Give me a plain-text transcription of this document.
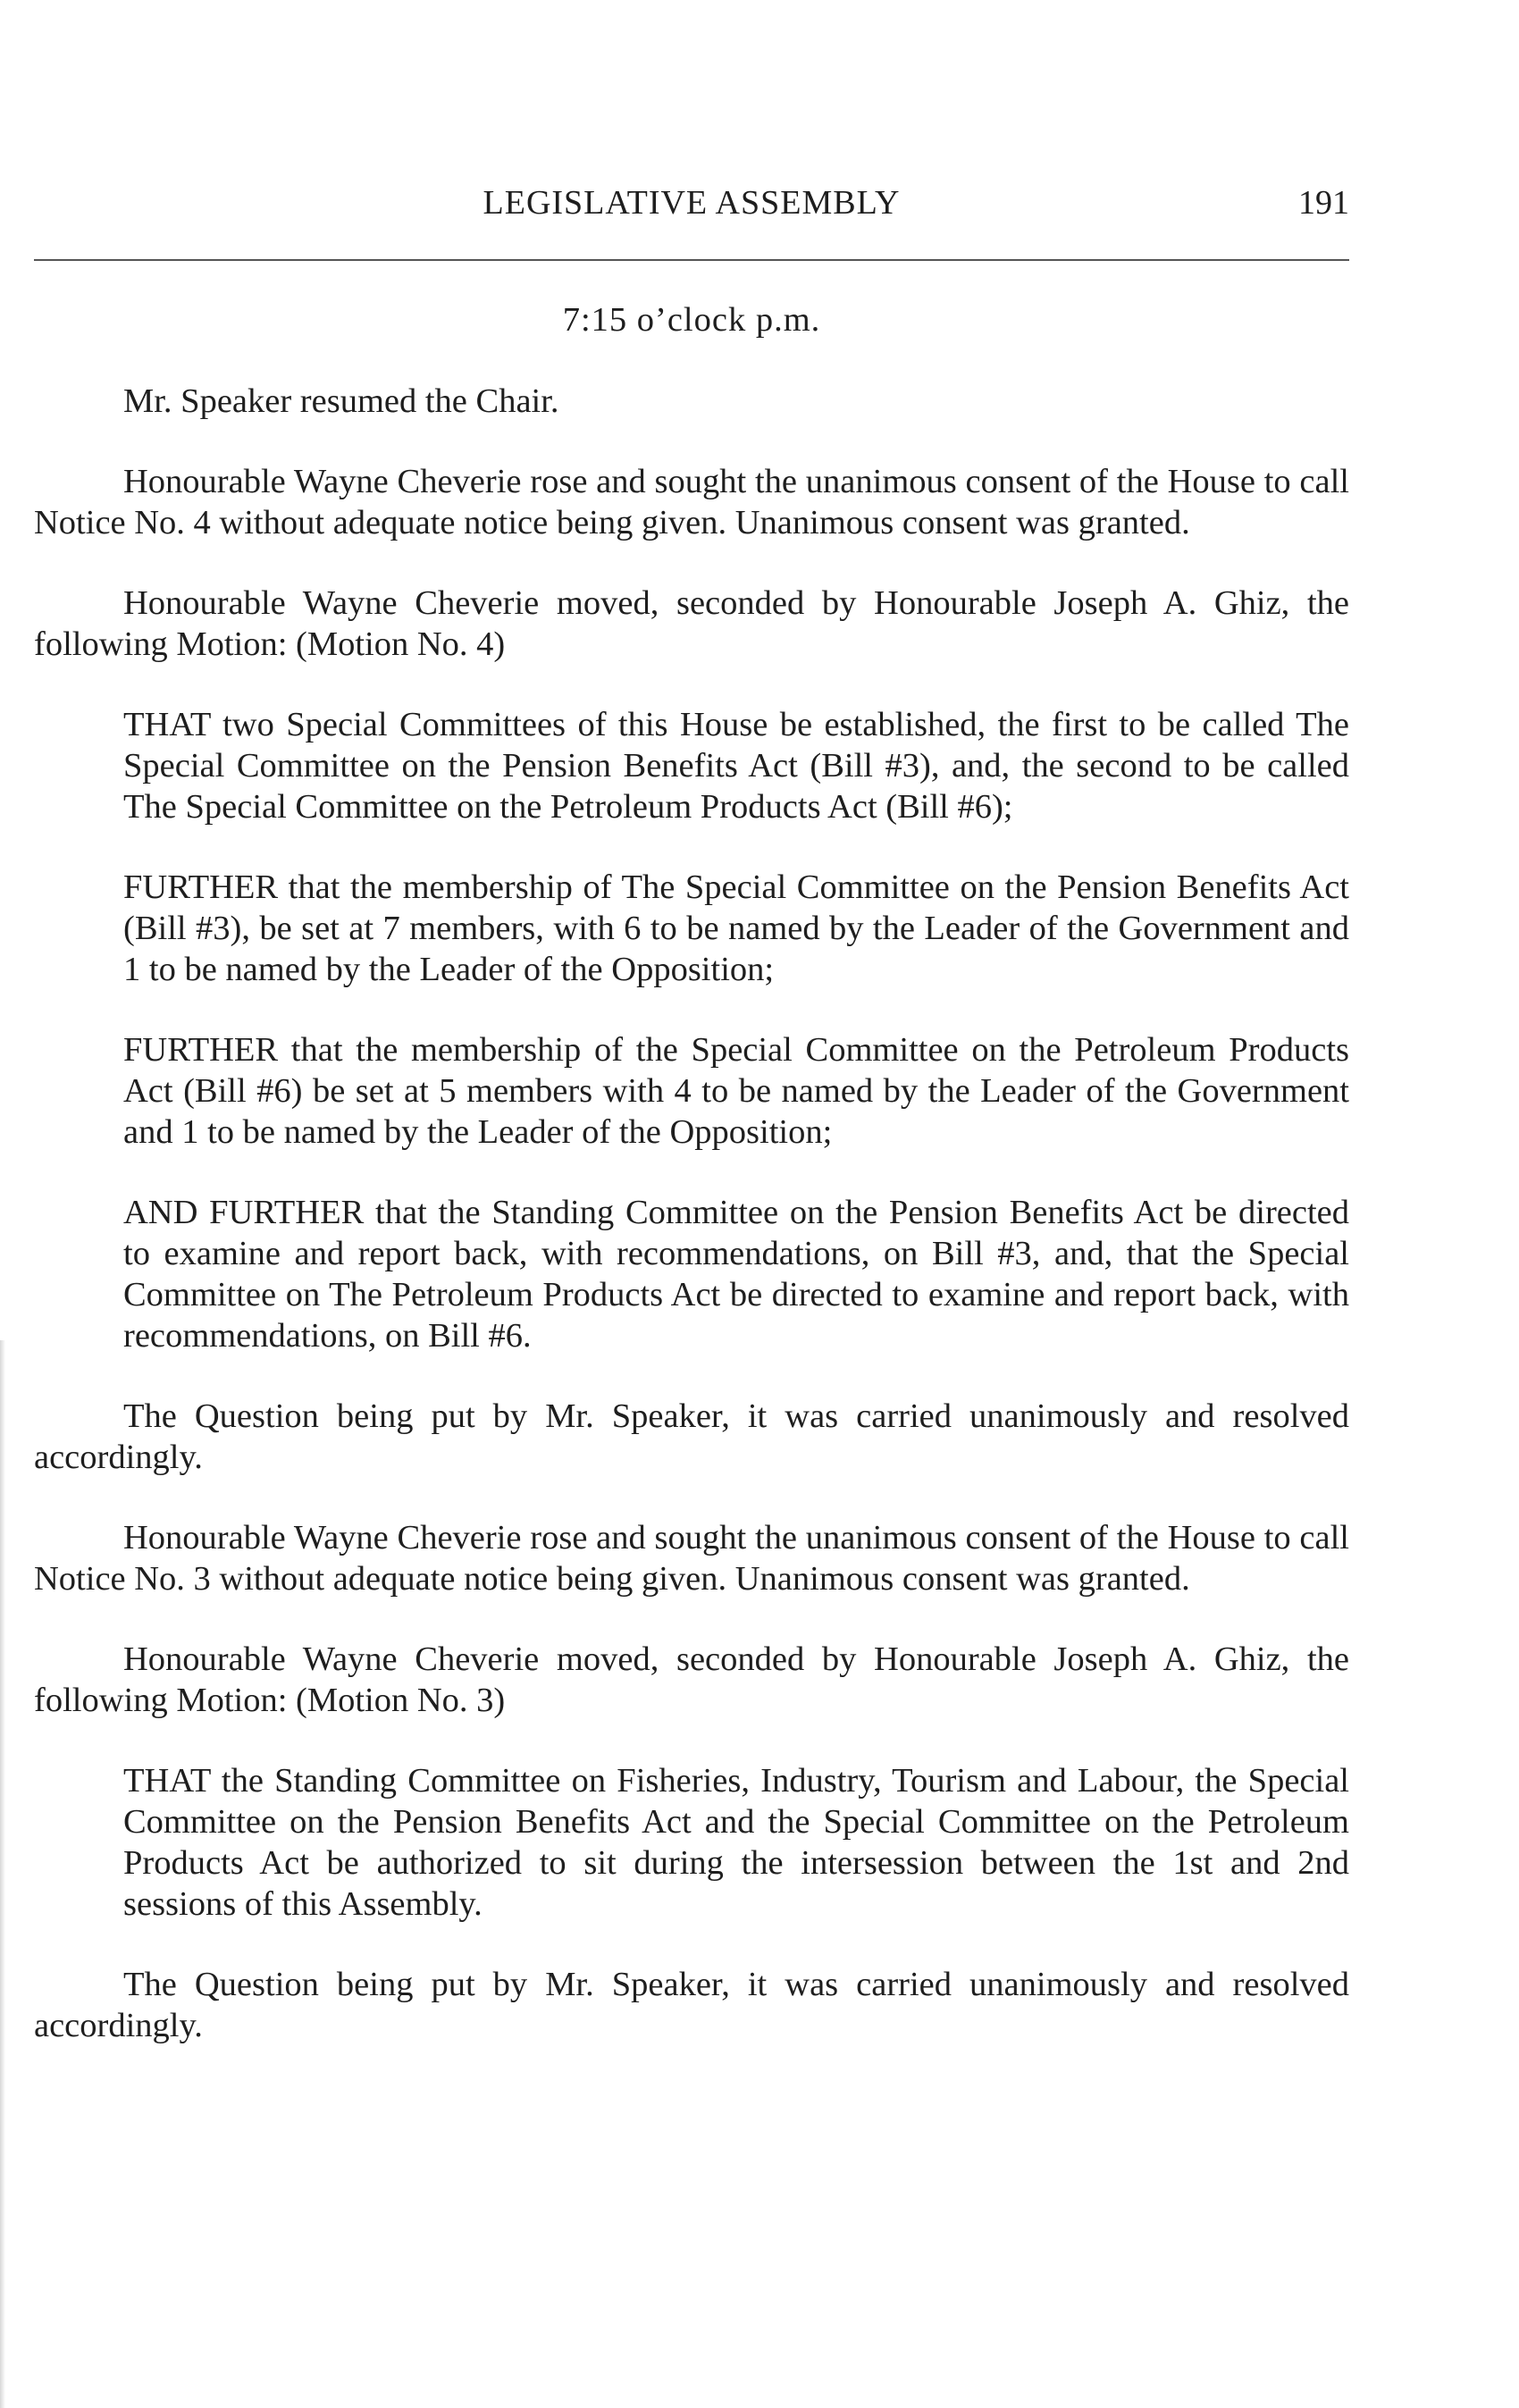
LEGISLATIVE ASSEMBLY	191
7:15 o’clock p.m.

Mr. Speaker resumed the Chair.

Honourable Wayne Cheverie rose and sought the unanimous consent of the House to call Notice No. 4 without adequate notice being given. Unanimous consent was granted.

Honourable Wayne Cheverie moved, seconded by Honourable Joseph A. Ghiz, the following Motion: (Motion No. 4)

THAT two Special Committees of this House be established, the first to be called The Special Committee on the Pension Benefits Act (Bill #3), and, the second to be called The Special Committee on the Petroleum Products Act (Bill #6);

FURTHER that the membership of The Special Committee on the Pension Benefits Act (Bill #3), be set at 7 members, with 6 to be named by the Leader of the Government and 1 to be named by the Leader of the Opposition;

FURTHER that the membership of the Special Committee on the Petroleum Products Act (Bill #6) be set at 5 members with 4 to be named by the Leader of the Government and 1 to be named by the Leader of the Opposition;

AND FURTHER that the Standing Committee on the Pension Benefits Act be directed to examine and report back, with recommendations, on Bill #3, and, that the Special Committee on The Petroleum Products Act be directed to examine and report back, with recommendations, on Bill #6.

The Question being put by Mr. Speaker, it was carried unanimously and resolved accordingly.

Honourable Wayne Cheverie rose and sought the unanimous consent of the House to call Notice No. 3 without adequate notice being given. Unanimous consent was granted.

Honourable Wayne Cheverie moved, seconded by Honourable Joseph A. Ghiz, the following Motion: (Motion No. 3)

THAT the Standing Committee on Fisheries, Industry, Tourism and Labour, the Special Committee on the Pension Benefits Act and the Special Committee on the Petroleum Products Act be authorized to sit during the intersession between the 1st and 2nd sessions of this Assembly.

The Question being put by Mr. Speaker, it was carried unanimously and resolved accordingly.
